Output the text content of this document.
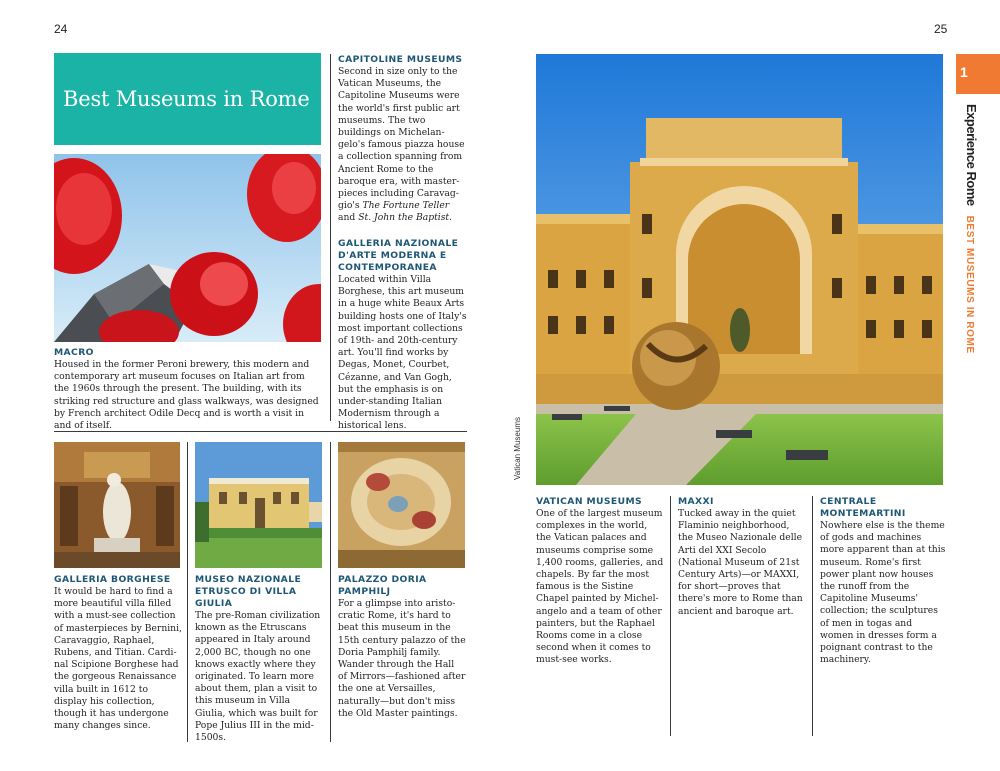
24	25
Best Museums in Rome
MACRO

Housed in the former Peroni brewery, this modern and contemporary art museum focuses on Italian art from the 1960s through the present. The building, with its striking red structure and glass walkways, was designed by French architect Odile Decq and is worth a visit in and of itself.

CAPITOLINE MUSEUMS

Second in size only to the Vatican Museums, the Capitoline Museums were the world's first public art museums. The two buildings on Michelan-gelo's famous piazza house a collection spanning from Ancient Rome to the baroque era, with master-pieces including Caravag-gio's The Fortune Teller and St. John the Baptist.

GALLERIA NAZIONALE D'ARTE MODERNA E CONTEMPORANEA

Located within Villa Borghese, this art museum in a huge white Beaux Arts building hosts one of Italy's most important collections of 19th- and 20th-century art. You'll find works by Degas, Monet, Courbet, Cézanne, and Van Gogh, but the emphasis is on under-standing Italian Modernism through a historical lens.

GALLERIA BORGHESE

It would be hard to find a more beautiful villa filled with a must-see collection of masterpieces by Bernini, Caravaggio, Raphael, Rubens, and Titian. Cardi-nal Scipione Borghese had the gorgeous Renaissance villa built in 1612 to display his collection, though it has undergone many changes since.

MUSEO NAZIONALE ETRUSCO DI VILLA GIULIA

The pre-Roman civilization known as the Etruscans appeared in Italy around 2,000 BC, though no one knows exactly where they originated. To learn more about them, plan a visit to this museum in Villa Giulia, which was built for Pope Julius III in the mid-1500s.

PALAZZO DORIA PAMPHILJ

For a glimpse into aristo-cratic Rome, it's hard to beat this museum in the 15th century palazzo of the Doria Pamphilj family. Wander through the Hall of Mirrors—fashioned after the one at Versailles, naturally—but don't miss the Old Master paintings.

Vatican Museums
1
Experience RomeBEST MUSEUMS IN ROME
VATICAN MUSEUMS

One of the largest museum complexes in the world, the Vatican palaces and museums comprise some 1,400 rooms, galleries, and chapels. By far the most famous is the Sistine Chapel painted by Michel-angelo and a team of other painters, but the Raphael Rooms come in a close second when it comes to must-see works.

MAXXI

Tucked away in the quiet Flaminio neighborhood, the Museo Nazionale delle Arti del XXI Secolo (National Museum of 21st Century Arts)—or MAXXI, for short—proves that there's more to Rome than ancient and baroque art.

CENTRALE MONTEMARTINI

Nowhere else is the theme of gods and machines more apparent than at this museum. Rome's first power plant now houses the runoff from the Capitoline Museums' collection; the sculptures of men in togas and women in dresses form a poignant contrast to the machinery.
